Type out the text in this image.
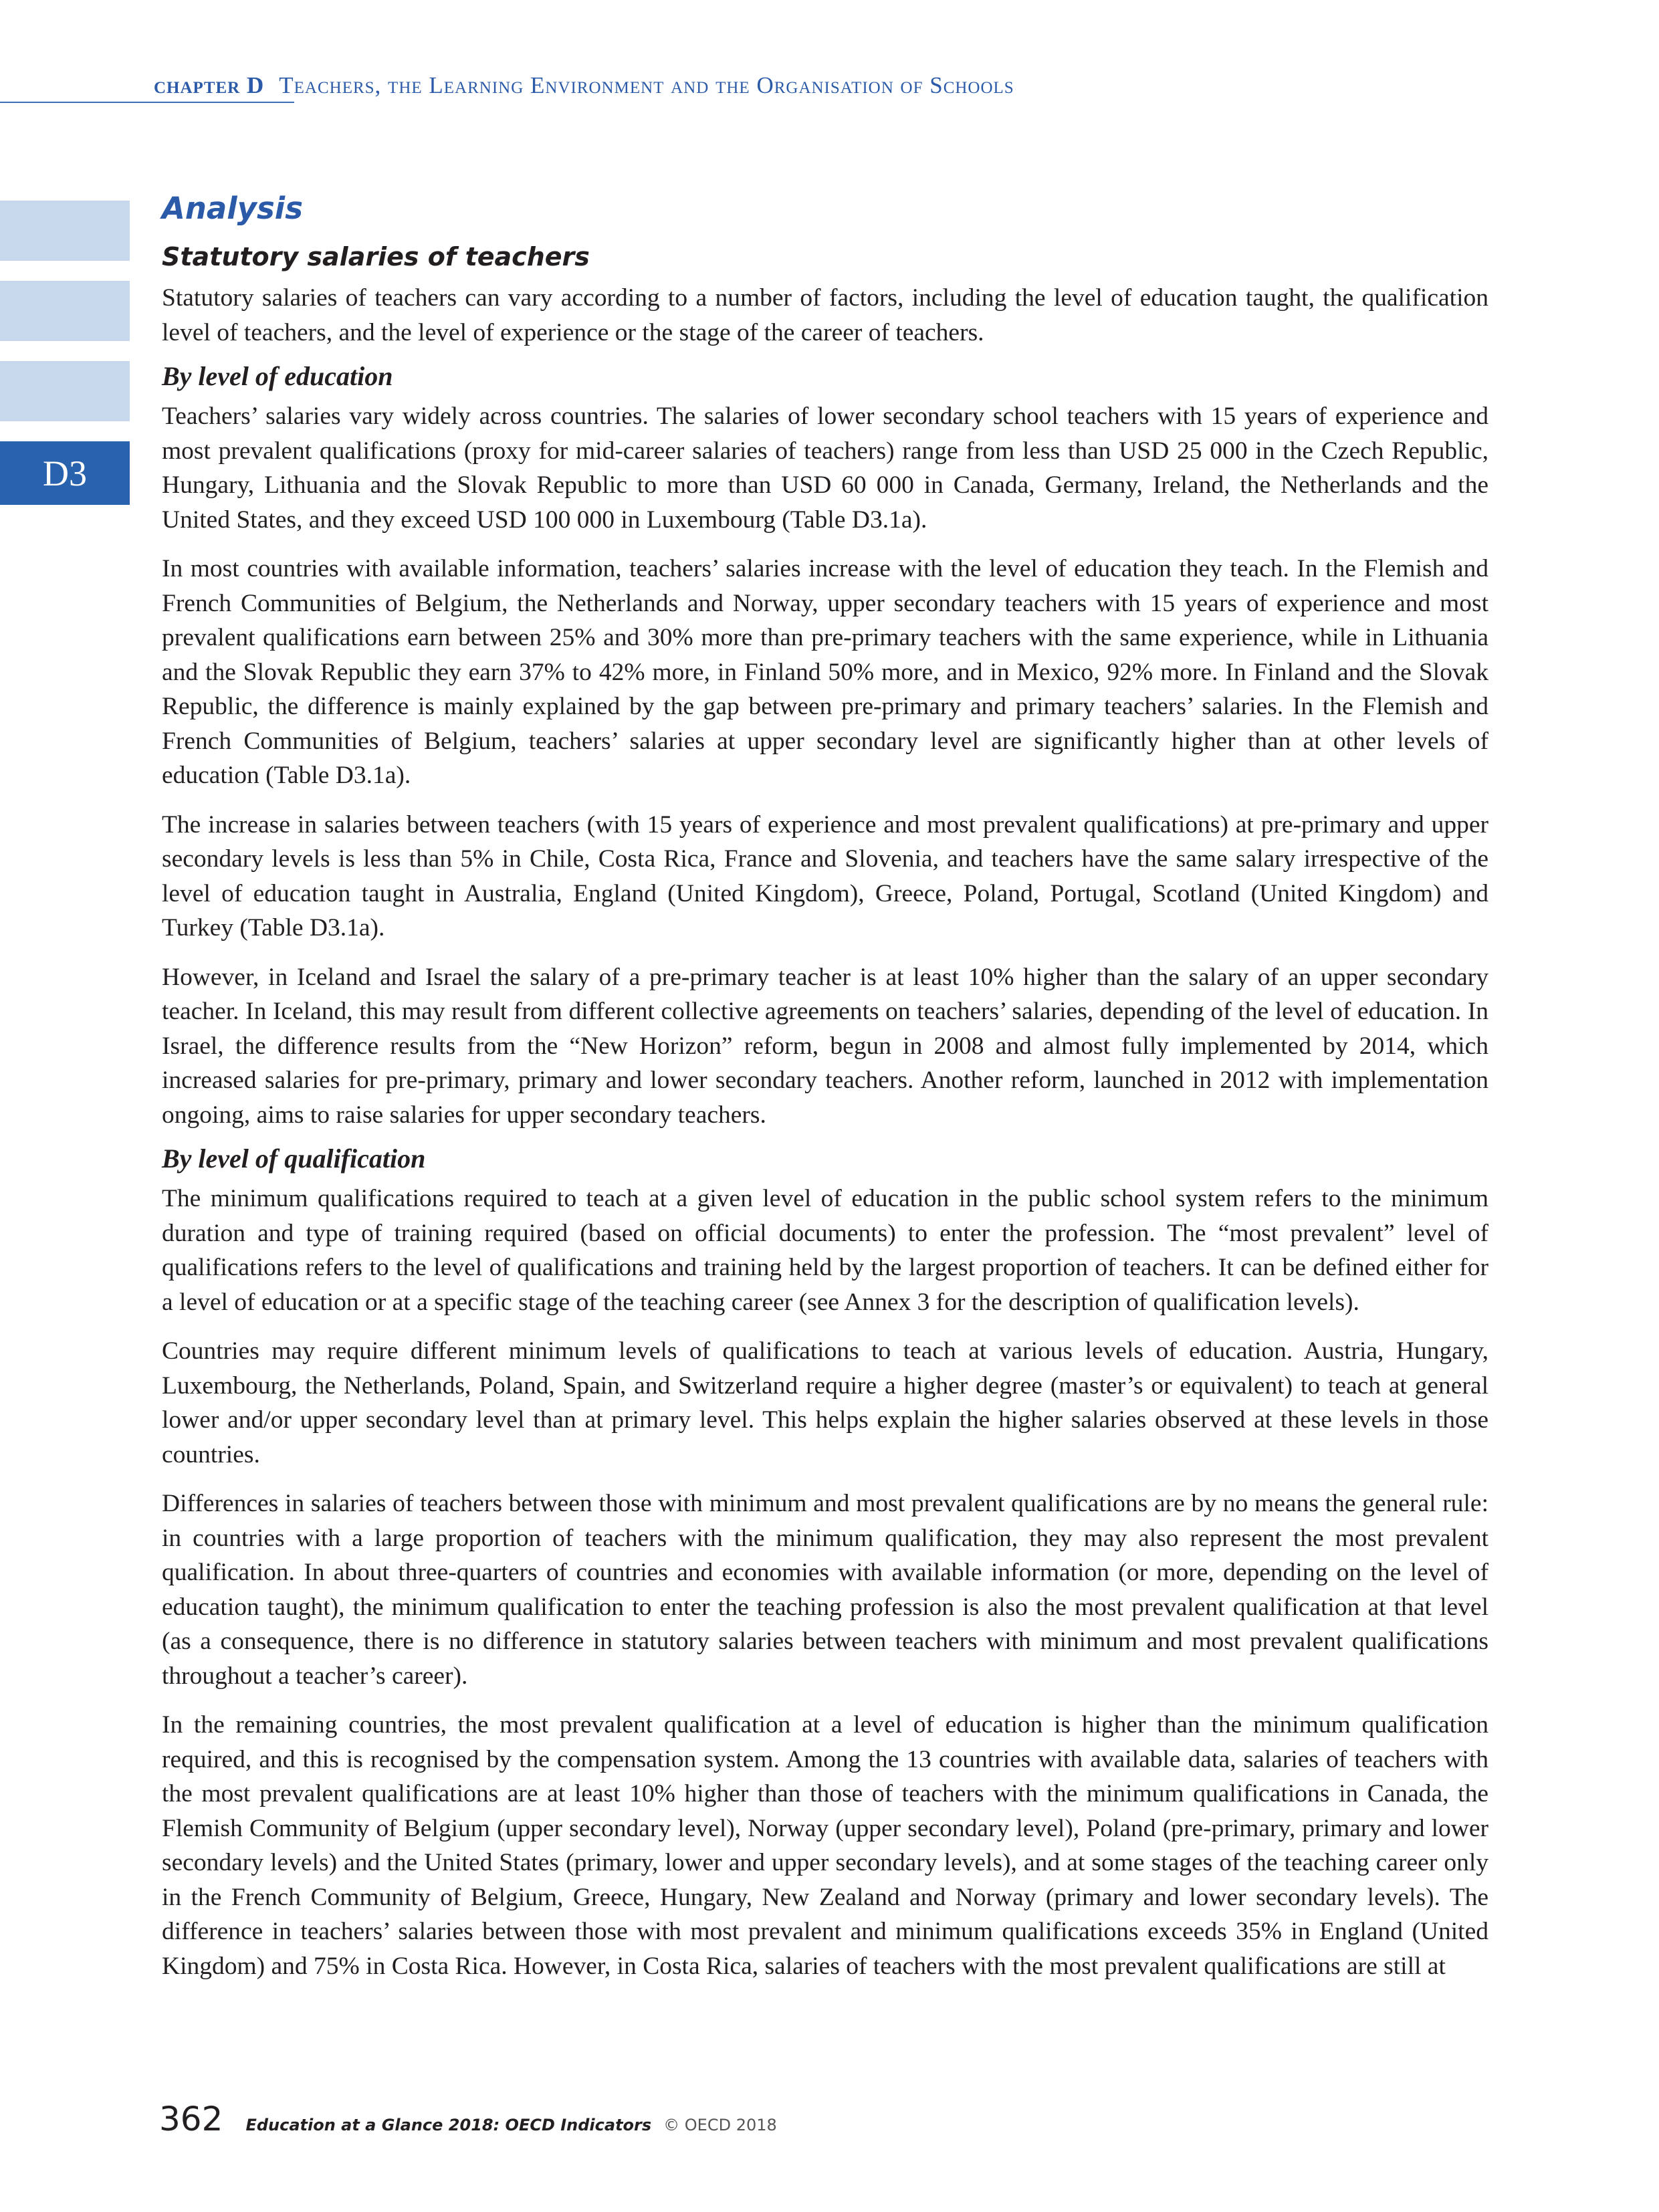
chapter D Teachers, the Learning Environment and the Organisation of Schools
D3
Analysis
Statutory salaries of teachers

Statutory salaries of teachers can vary according to a number of factors, including the level of education taught, the qualification level of teachers, and the level of experience or the stage of the career of teachers.

By level of education

Teachers’ salaries vary widely across countries. The salaries of lower secondary school teachers with 15 years of experience and most prevalent qualifications (proxy for mid-career salaries of teachers) range from less than USD 25 000 in the Czech Republic, Hungary, Lithuania and the Slovak Republic to more than USD 60 000 in Canada, Germany, Ireland, the Netherlands and the United States, and they exceed USD 100 000 in Luxembourg (Table D3.1a).

In most countries with available information, teachers’ salaries increase with the level of education they teach. In the Flemish and French Communities of Belgium, the Netherlands and Norway, upper secondary teachers with 15 years of experience and most prevalent qualifications earn between 25% and 30% more than pre-primary teachers with the same experience, while in Lithuania and the Slovak Republic they earn 37% to 42% more, in Finland 50% more, and in Mexico, 92% more. In Finland and the Slovak Republic, the difference is mainly explained by the gap between pre-primary and primary teachers’ salaries. In the Flemish and French Communities of Belgium, teachers’ salaries at upper secondary level are significantly higher than at other levels of education (Table D3.1a).

The increase in salaries between teachers (with 15 years of experience and most prevalent qualifications) at pre-primary and upper secondary levels is less than 5% in Chile, Costa Rica, France and Slovenia, and teachers have the same salary irrespective of the level of education taught in Australia, England (United Kingdom), Greece, Poland, Portugal, Scotland (United Kingdom) and Turkey (Table D3.1a).

However, in Iceland and Israel the salary of a pre-primary teacher is at least 10% higher than the salary of an upper secondary teacher. In Iceland, this may result from different collective agreements on teachers’ salaries, depending of the level of education. In Israel, the difference results from the “New Horizon” reform, begun in 2008 and almost fully implemented by 2014, which increased salaries for pre-primary, primary and lower secondary teachers. Another reform, launched in 2012 with implementation ongoing, aims to raise salaries for upper secondary teachers.

By level of qualification

The minimum qualifications required to teach at a given level of education in the public school system refers to the minimum duration and type of training required (based on official documents) to enter the profession. The “most prevalent” level of qualifications refers to the level of qualifications and training held by the largest proportion of teachers. It can be defined either for a level of education or at a specific stage of the teaching career (see Annex 3 for the description of qualification levels).

Countries may require different minimum levels of qualifications to teach at various levels of education. Austria, Hungary, Luxembourg, the Netherlands, Poland, Spain, and Switzerland require a higher degree (master’s or equivalent) to teach at general lower and/or upper secondary level than at primary level. This helps explain the higher salaries observed at these levels in those countries.

Differences in salaries of teachers between those with minimum and most prevalent qualifications are by no means the general rule: in countries with a large proportion of teachers with the minimum qualification, they may also represent the most prevalent qualification. In about three-quarters of countries and economies with available information (or more, depending on the level of education taught), the minimum qualification to enter the teaching profession is also the most prevalent qualification at that level (as a consequence, there is no difference in statutory salaries between teachers with minimum and most prevalent qualifications throughout a teacher’s career).

In the remaining countries, the most prevalent qualification at a level of education is higher than the minimum qualification required, and this is recognised by the compensation system. Among the 13 countries with available data, salaries of teachers with the most prevalent qualifications are at least 10% higher than those of teachers with the minimum qualifications in Canada, the Flemish Community of Belgium (upper secondary level), Norway (upper secondary level), Poland (pre-primary, primary and lower secondary levels) and the United States (primary, lower and upper secondary levels), and at some stages of the teaching career only in the French Community of Belgium, Greece, Hungary, New Zealand and Norway (primary and lower secondary levels). The difference in teachers’ salaries between those with most prevalent and minimum qualifications exceeds 35% in England (United Kingdom) and 75% in Costa Rica. However, in Costa Rica, salaries of teachers with the most prevalent qualifications are still at

362 Education at a Glance 2018: OECD Indicators © OECD 2018
